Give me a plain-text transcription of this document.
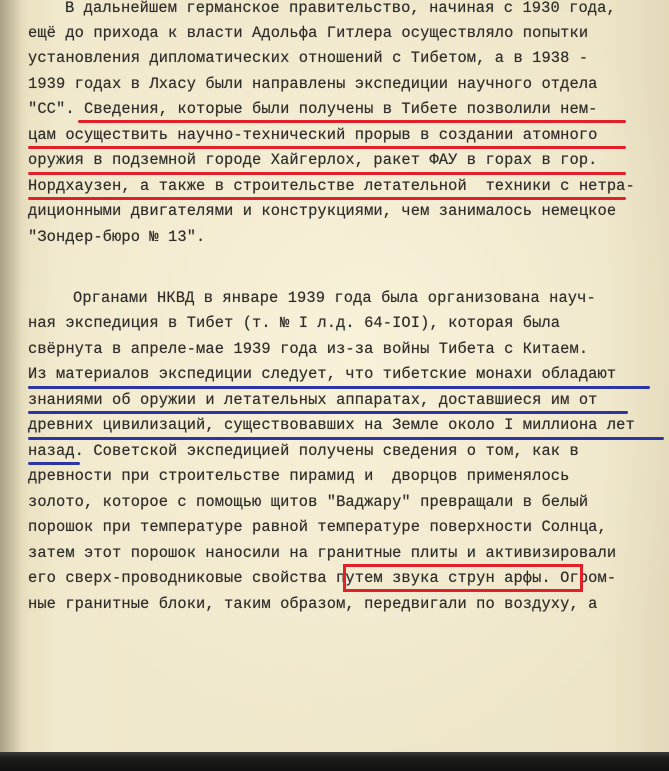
В дальнейшем германское правительство, начиная с 1930 года,
ещё до прихода к власти Адольфа Гитлера осуществляло попытки
установления дипломатических отношений с Тибетом, а в 1938 -
1939 годах в Лхасу были направлены экспедиции научного отдела
"СС". Сведения, которые были получены в Тибете позволили нем-
цам осуществить научно-технический прорыв в создании атомного
оружия в подземной городе Хайгерлох, ракет ФАУ в горах в гор.
Нордхаузен, а также в строительстве летательной  техники с нетра-
диционными двигателями и конструкциями, чем занималось немецкое
"Зондер-бюро № 13".
Органами НКВД в январе 1939 года была организована науч-
ная экспедиция в Тибет (т. № I л.д. 64-IOI), которая была
свёрнута в апреле-мае 1939 года из-за войны Тибета с Китаем.
Из материалов экспедиции следует, что тибетские монахи обладают
знаниями об оружии и летательных аппаратах, доставшиеся им от
древних цивилизаций, существовавших на Земле около I миллиона лет
назад. Советской экспедицией получены сведения о том, как в
древности при строительстве пирамид и  дворцов применялось
золото, которое с помощью щитов "Ваджару" превращали в белый
порошок при температуре равной температуре поверхности Солнца,
затем этот порошок наносили на гранитные плиты и активизировали
его сверх-проводниковые свойства путем звука струн арфы. Огром-
ные гранитные блоки, таким образом, передвигали по воздуху, а
